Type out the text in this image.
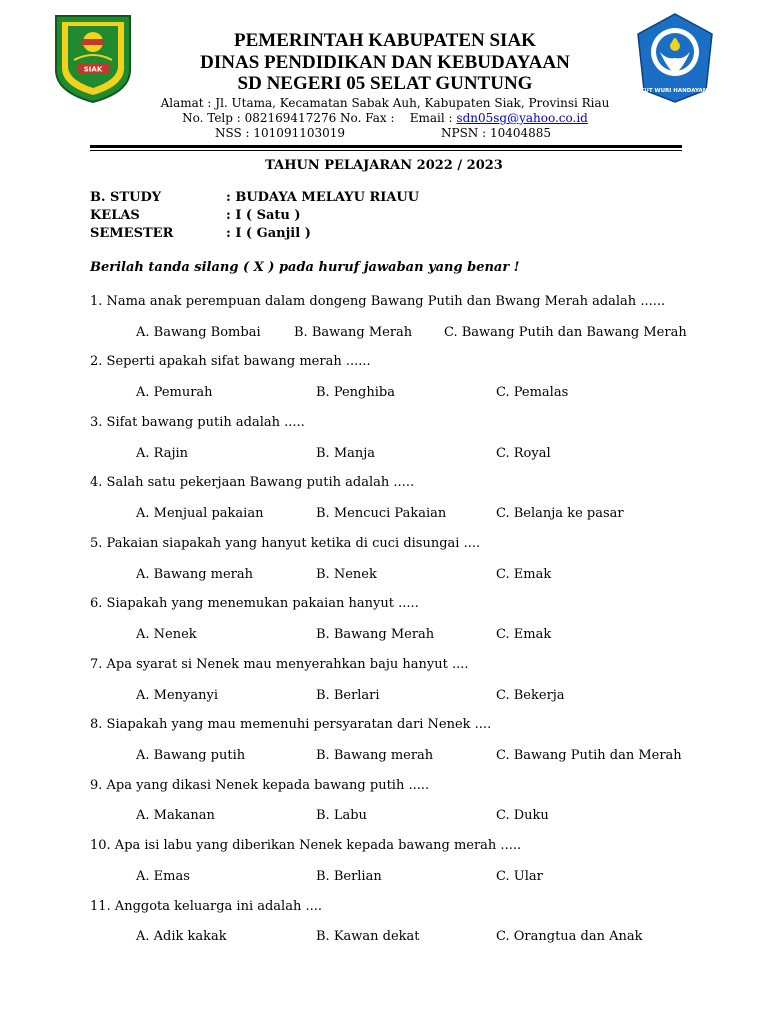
SIAK
TUT WURI HANDAYANI
PEMERINTAH KABUPATEN SIAK
DINAS PENDIDIKAN DAN KEBUDAYAAN
SD NEGERI 05 SELAT GUNTUNG
Alamat : Jl. Utama, Kecamatan Sabak Auh, Kabupaten Siak, Provinsi Riau
No. Telp : 082169417276 No. Fax : Email : sdn05sg@yahoo.co.id
NSS : 101091103019	NPSN : 10404885
TAHUN PELAJARAN 2022 / 2023
B. STUDY	: BUDAYA MELAYU RIAUU
KELAS	: I ( Satu )
SEMESTER	: I ( Ganjil )
Berilah tanda silang ( X ) pada huruf jawaban yang benar !
1. Nama anak perempuan dalam dongeng Bawang Putih dan Bwang Merah adalah ......
A. Bawang Bombai	B. Bawang Merah C. Bawang Putih dan Bawang Merah
2. Seperti apakah sifat bawang merah ......
A. Pemurah	B. Penghiba	C. Pemalas
3. Sifat bawang putih adalah .....
A. Rajin	B. Manja	C. Royal
4. Salah satu pekerjaan Bawang putih adalah .....
A. Menjual pakaian	B. Mencuci Pakaian	C. Belanja ke pasar
5. Pakaian siapakah yang hanyut ketika di cuci disungai ....
A. Bawang merah	B. Nenek	C. Emak
6. Siapakah yang menemukan pakaian hanyut .....
A. Nenek	B. Bawang Merah	C. Emak
7. Apa syarat si Nenek mau menyerahkan baju hanyut ....
A. Menyanyi	B. Berlari	C. Bekerja
8. Siapakah yang mau memenuhi persyaratan dari Nenek ....
A. Bawang putih	B. Bawang merah	C. Bawang Putih dan Merah
9. Apa yang dikasi Nenek kepada bawang putih .....
A. Makanan	B. Labu	C. Duku
10. Apa isi labu yang diberikan Nenek kepada bawang merah .....
A. Emas	B. Berlian	C. Ular
11. Anggota keluarga ini adalah ....
A. Adik kakak	B. Kawan dekat	C. Orangtua dan Anak
